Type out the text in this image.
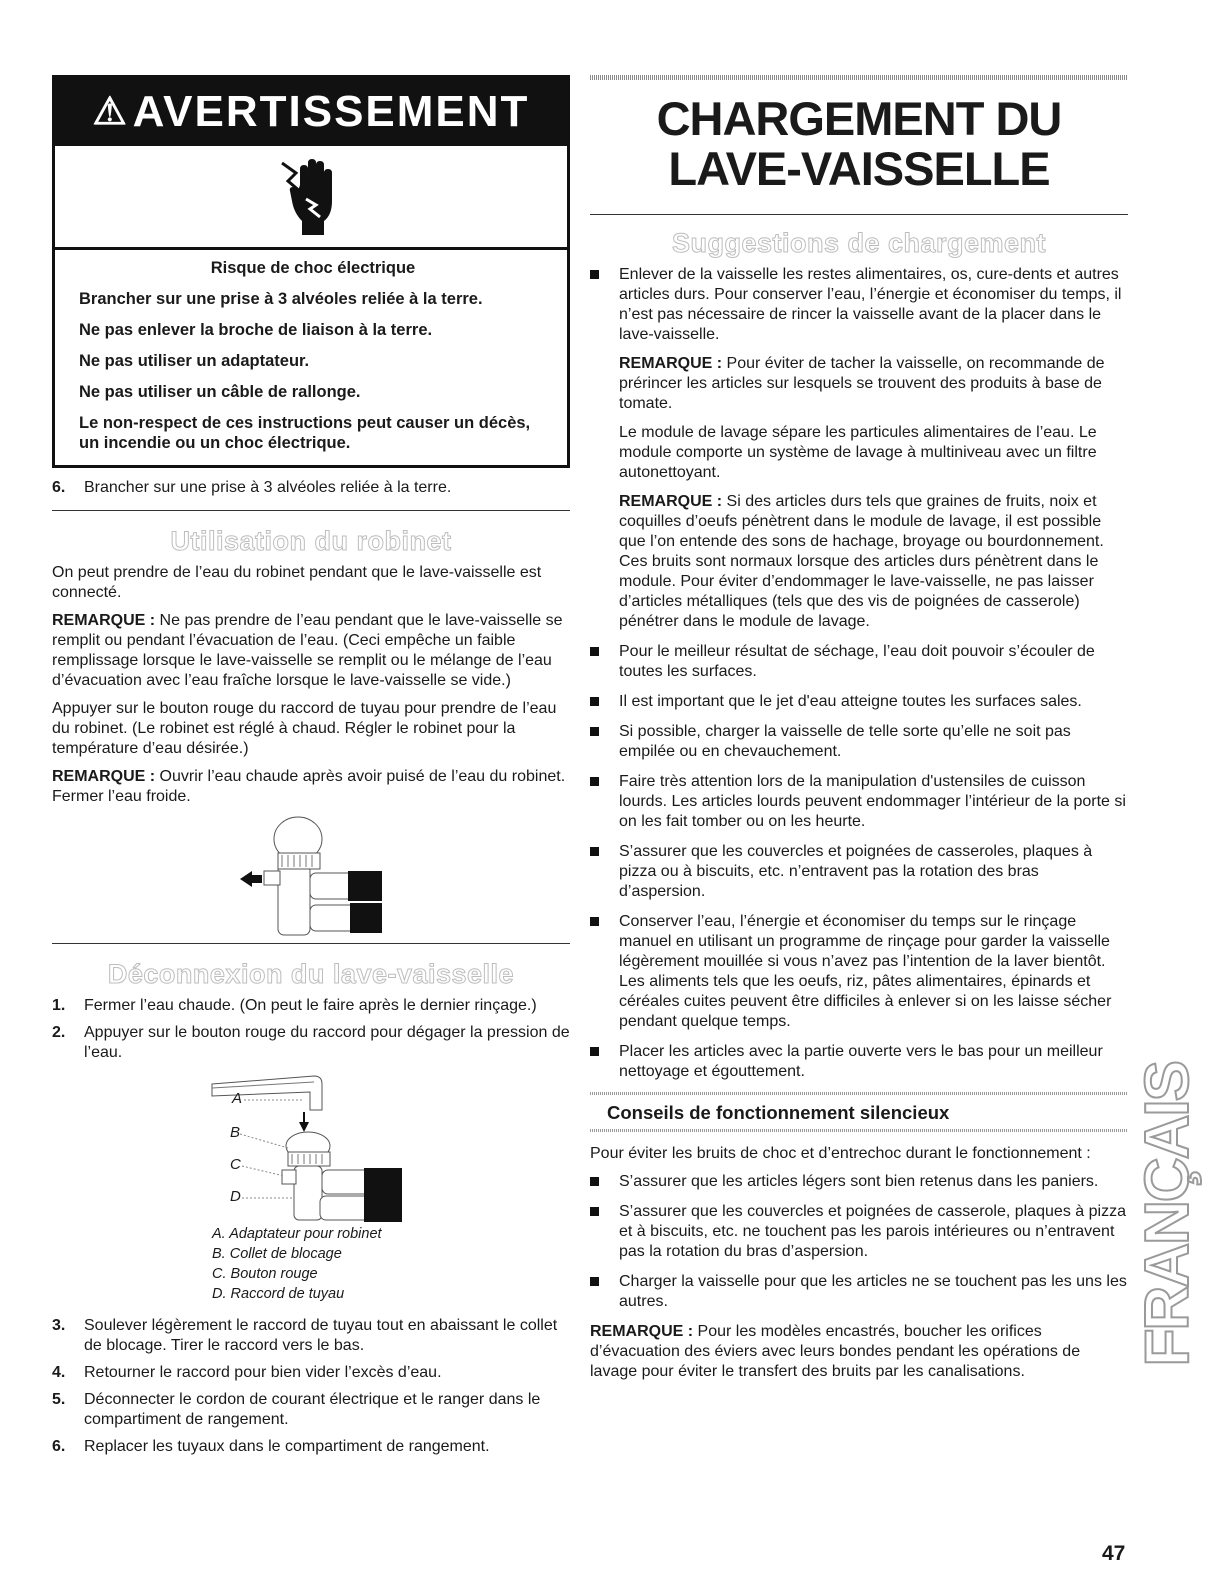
⚠AVERTISSEMENT
Risque de choc électrique

Brancher sur une prise à 3 alvéoles reliée à la terre.

Ne pas enlever la broche de liaison à la terre.

Ne pas utiliser un adaptateur.

Ne pas utiliser un câble de rallonge.

Le non-respect de ces instructions peut causer un décès, un incendie ou un choc électrique.

6. Brancher sur une prise à 3 alvéoles reliée à la terre.
Utilisation du robinet

On peut prendre de l’eau du robinet pendant que le lave-vaisselle est connecté.

REMARQUE : Ne pas prendre de l’eau pendant que le lave-vaisselle se remplit ou pendant l’évacuation de l’eau. (Ceci empêche un faible remplissage lorsque le lave-vaisselle se remplit ou le mélange de l’eau d’évacuation avec l’eau fraîche lorsque le lave-vaisselle se vide.)

Appuyer sur le bouton rouge du raccord de tuyau pour prendre de l’eau du robinet. (Le robinet est réglé à chaud. Régler le robinet pour la température d’eau désirée.)

REMARQUE : Ouvrir l’eau chaude après avoir puisé de l’eau du robinet. Fermer l’eau froide.

Déconnexion du lave-vaisselle
1.	Fermer l’eau chaude. (On peut le faire après le dernier rinçage.)
2.	Appuyer sur le bouton rouge du raccord pour dégager la pression de l’eau.
A
B
C
D
A. Adaptateur pour robinet
B. Collet de blocage
C. Bouton rouge
D. Raccord de tuyau
3.	Soulever légèrement le raccord de tuyau tout en abaissant le collet de blocage. Tirer le raccord vers le bas.
4.	Retourner le raccord pour bien vider l’excès d’eau.
5.	Déconnecter le cordon de courant électrique et le ranger dans le compartiment de rangement.
6.	Replacer les tuyaux dans le compartiment de rangement.
CHARGEMENT DU
LAVE-VAISSELLE
Suggestions de chargement

Enlever de la vaisselle les restes alimentaires, os, cure-dents et autres articles durs. Pour conserver l’eau, l’énergie et économiser du temps, il n’est pas nécessaire de rincer la vaisselle avant de la placer dans le lave-vaisselle.

REMARQUE : Pour éviter de tacher la vaisselle, on recommande de prérincer les articles sur lesquels se trouvent des produits à base de tomate.

Le module de lavage sépare les particules alimentaires de l’eau. Le module comporte un système de lavage à multiniveau avec un filtre autonettoyant.

REMARQUE : Si des articles durs tels que graines de fruits, noix et coquilles d’oeufs pénètrent dans le module de lavage, il est possible que l’on entende des sons de hachage, broyage ou bourdonnement. Ces bruits sont normaux lorsque des articles durs pénètrent dans le module. Pour éviter d’endommager le lave-vaisselle, ne pas laisser d’articles métalliques (tels que des vis de poignées de casserole) pénétrer dans le module de lavage.

Pour le meilleur résultat de séchage, l’eau doit pouvoir s’écouler de toutes les surfaces.
Il est important que le jet d'eau atteigne toutes les surfaces sales.
Si possible, charger la vaisselle de telle sorte qu’elle ne soit pas empilée ou en chevauchement.
Faire très attention lors de la manipulation d'ustensiles de cuisson lourds. Les articles lourds peuvent endommager l’intérieur de la porte si on les fait tomber ou on les heurte.
S’assurer que les couvercles et poignées de casseroles, plaques à pizza ou à biscuits, etc. n’entravent pas la rotation des bras d’aspersion.
Conserver l’eau, l’énergie et économiser du temps sur le rinçage manuel en utilisant un programme de rinçage pour garder la vaisselle légèrement mouillée si vous n’avez pas l’intention de la laver bientôt. Les aliments tels que les oeufs, riz, pâtes alimentaires, épinards et céréales cuites peuvent être difficiles à enlever si on les laisse sécher pendant quelque temps.
Placer les articles avec la partie ouverte vers le bas pour un meilleur nettoyage et égouttement.
Conseils de fonctionnement silencieux

Pour éviter les bruits de choc et d’entrechoc durant le fonctionnement :

S’assurer que les articles légers sont bien retenus dans les paniers.
S’assurer que les couvercles et poignées de casserole, plaques à pizza et à biscuits, etc. ne touchent pas les parois intérieures ou n’entravent pas la rotation du bras d’aspersion.
Charger la vaisselle pour que les articles ne se touchent pas les uns les autres.

REMARQUE : Pour les modèles encastrés, boucher les orifices d’évacuation des éviers avec leurs bondes pendant les opérations de lavage pour éviter le transfert des bruits par les canalisations.

FRANÇAIS
47
